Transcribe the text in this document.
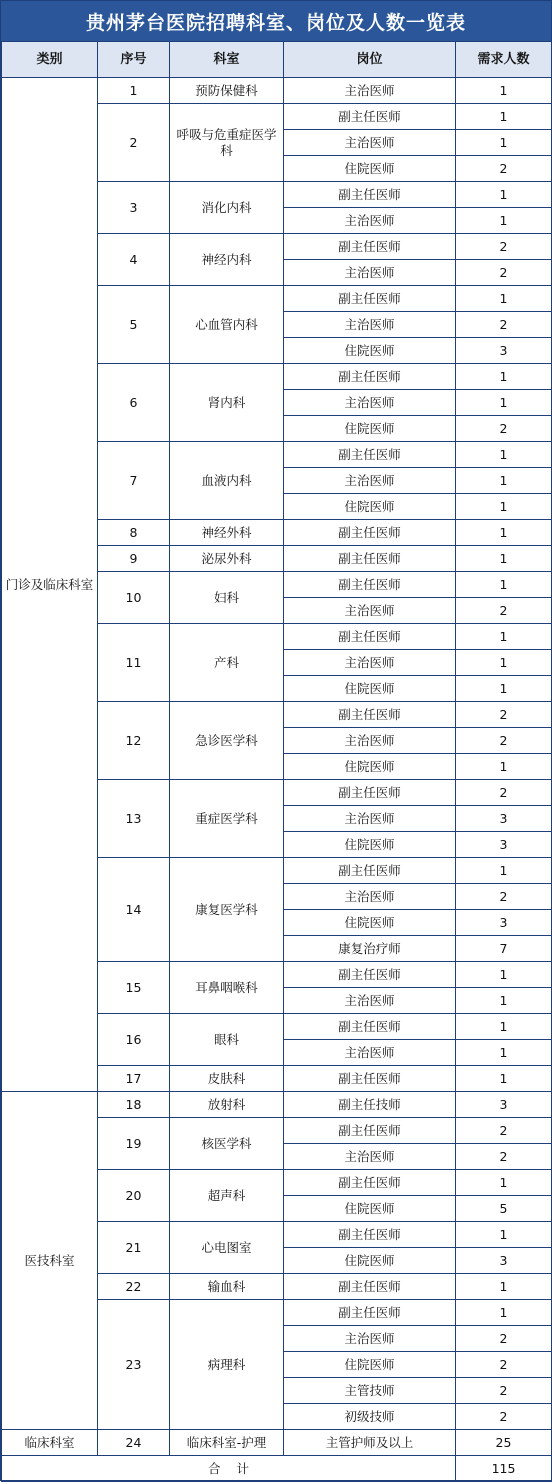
贵州茅台医院招聘科室、岗位及人数一览表
类别	序号	科室	岗位	需求人数
门诊及临床科室	1	预防保健科	主治医师	1
	2	呼吸与危重症医学科	副主任医师	1
			主治医师	1
			住院医师	2
	3	消化内科	副主任医师	1
			主治医师	1
	4	神经内科	副主任医师	2
			主治医师	2
	5	心血管内科	副主任医师	1
			主治医师	2
			住院医师	3
	6	肾内科	副主任医师	1
			主治医师	1
			住院医师	2
	7	血液内科	副主任医师	1
			主治医师	1
			住院医师	1
	8	神经外科	副主任医师	1
	9	泌尿外科	副主任医师	1
	10	妇科	副主任医师	1
			主治医师	2
	11	产科	副主任医师	1
			主治医师	1
			住院医师	1
	12	急诊医学科	副主任医师	2
			主治医师	2
			住院医师	1
	13	重症医学科	副主任医师	2
			主治医师	3
			住院医师	3
	14	康复医学科	副主任医师	1
			主治医师	2
			住院医师	3
			康复治疗师	7
	15	耳鼻咽喉科	副主任医师	1
			主治医师	1
	16	眼科	副主任医师	1
			主治医师	1
	17	皮肤科	副主任医师	1
医技科室	18	放射科	副主任技师	3
	19	核医学科	副主任医师	2
			主治医师	2
	20	超声科	副主任医师	1
			住院医师	5
	21	心电图室	副主任医师	1
			住院医师	3
	22	输血科	副主任医师	1
	23	病理科	副主任医师	1
			主治医师	2
			住院医师	2
			主管技师	2
			初级技师	2
临床科室	24	临床科室-护理	主管护师及以上	25
合    计				115
